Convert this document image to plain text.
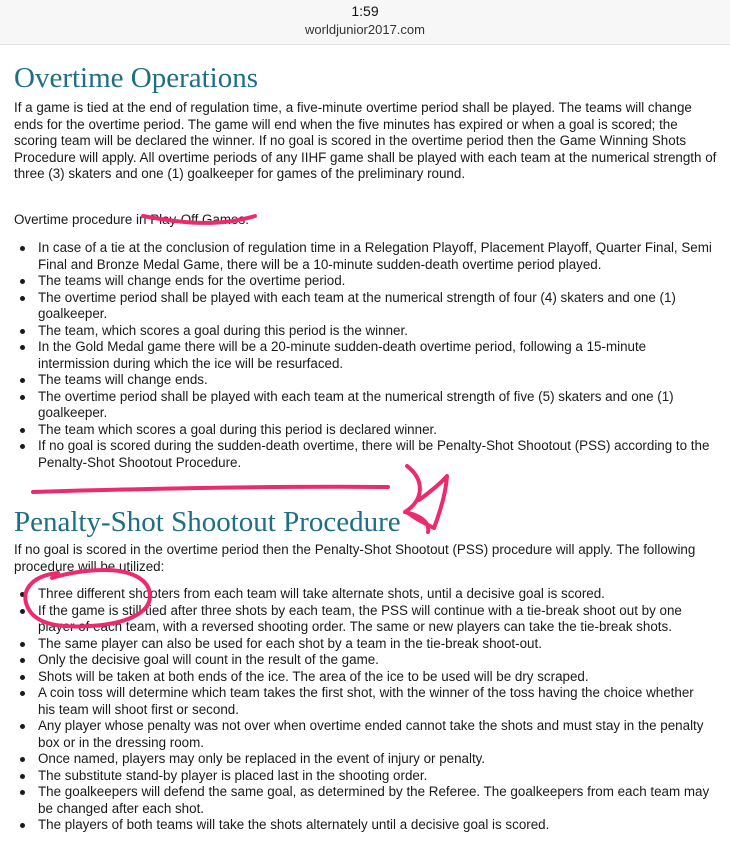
1:59
worldjunior2017.com
Overtime Operations

If a game is tied at the end of regulation time, a five-minute overtime period shall be played. The teams will change ends for the overtime period. The game will end when the five minutes has expired or when a goal is scored; the scoring team will be declared the winner. If no goal is scored in the overtime period then the Game Winning Shots Procedure will apply. All overtime periods of any IIHF game shall be played with each team at the numerical strength of three (3) skaters and one (1) goalkeeper for games of the preliminary round.

Overtime procedure in Play-Off Games:

In case of a tie at the conclusion of regulation time in a Relegation Playoff, Placement Playoff, Quarter Final, Semi Final and Bronze Medal Game, there will be a 10-minute sudden-death overtime period played.
The teams will change ends for the overtime period.
The overtime period shall be played with each team at the numerical strength of four (4) skaters and one (1) goalkeeper.
The team, which scores a goal during this period is the winner.
In the Gold Medal game there will be a 20-minute sudden-death overtime period, following a 15-minute intermission during which the ice will be resurfaced.
The teams will change ends.
The overtime period shall be played with each team at the numerical strength of five (5) skaters and one (1) goalkeeper.
The team which scores a goal during this period is declared winner.
If no goal is scored during the sudden-death overtime, there will be Penalty-Shot Shootout (PSS) according to the Penalty-Shot Shootout Procedure.
Penalty-Shot Shootout Procedure

If no goal is scored in the overtime period then the Penalty-Shot Shootout (PSS) procedure will apply. The following procedure will be utilized:

Three different shooters from each team will take alternate shots, until a decisive goal is scored.
If the game is still tied after three shots by each team, the PSS will continue with a tie-break shoot out by one player of each team, with a reversed shooting order. The same or new players can take the tie-break shots.
The same player can also be used for each shot by a team in the tie-break shoot-out.
Only the decisive goal will count in the result of the game.
Shots will be taken at both ends of the ice. The area of the ice to be used will be dry scraped.
A coin toss will determine which team takes the first shot, with the winner of the toss having the choice whether his team will shoot first or second.
Any player whose penalty was not over when overtime ended cannot take the shots and must stay in the penalty box or in the dressing room.
Once named, players may only be replaced in the event of injury or penalty.
The substitute stand-by player is placed last in the shooting order.
The goalkeepers will defend the same goal, as determined by the Referee. The goalkeepers from each team may be changed after each shot.
The players of both teams will take the shots alternately until a decisive goal is scored.
